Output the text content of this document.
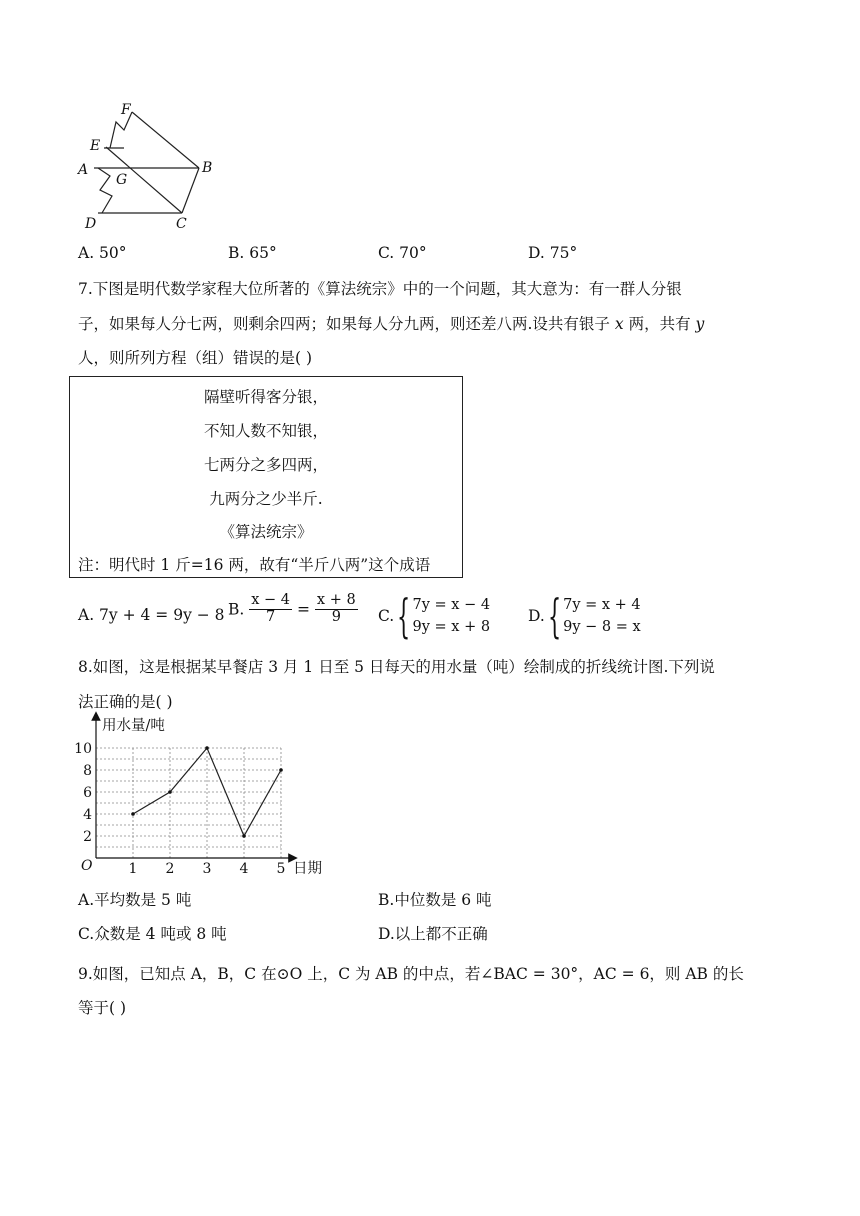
F
E
A
G
B
D	C
A. 50°	B. 65°	C. 70°	D. 75°
7.下图是明代数学家程大位所著的《算法统宗》中的一个问题，其大意为：有一群人分银
子，如果每人分七两，则剩余四两；如果每人分九两，则还差八两.设共有银子 x 两，共有 y
人，则所列方程（组）错误的是( )
隔壁听得客分银，
不知人数不知银，
七两分之多四两，
九两分之少半斤.
《算法统宗》
注：明代时 1 斤=16 两，故有“半斤八两”这个成语
A. 7y + 4 = 9y − 8 B. $\frac{x - 4}{7} = \frac{x + 8}{9} C$. { 7y = x − 4
9y = x + 8
D. { 7y = x + 4
9y − 8 = x
8.如图，这是根据某早餐店 3 月 1 日至 5 日每天的用水量（吨）绘制成的折线统计图.下列说
法正确的是( )
2
4
6
8
10
1 2 3 4 5
用水量/吨
日期
O
A.平均数是 5 吨	B.中位数是 6 吨
C.众数是 4 吨或 8 吨	D.以上都不正确
9.如图，已知点 A，B，C 在⊙O 上，C 为 AB 的中点，若∠BAC = 30°，AC = 6，则 AB 的长
等于( )
